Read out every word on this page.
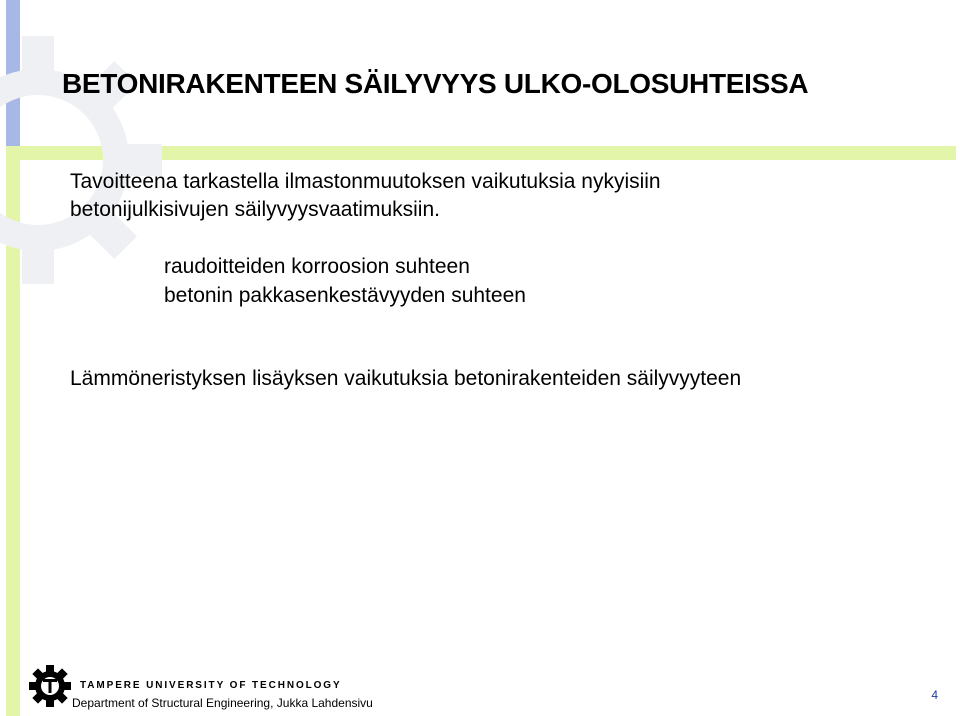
BETONIRAKENTEEN SÄILYVYYS ULKO-OLOSUHTEISSA

Tavoitteena tarkastella ilmastonmuutoksen vaikutuksia nykyisiin
betonijulkisivujen säilyvyysvaatimuksiin.

raudoitteiden korroosion suhteen
betonin pakkasenkestävyyden suhteen

Lämmöneristyksen lisäyksen vaikutuksia betonirakenteiden säilyvyyteen

TAMPERE UNIVERSITY OF TECHNOLOGY

Department of Structural Engineering, Jukka Lahdensivu

4
